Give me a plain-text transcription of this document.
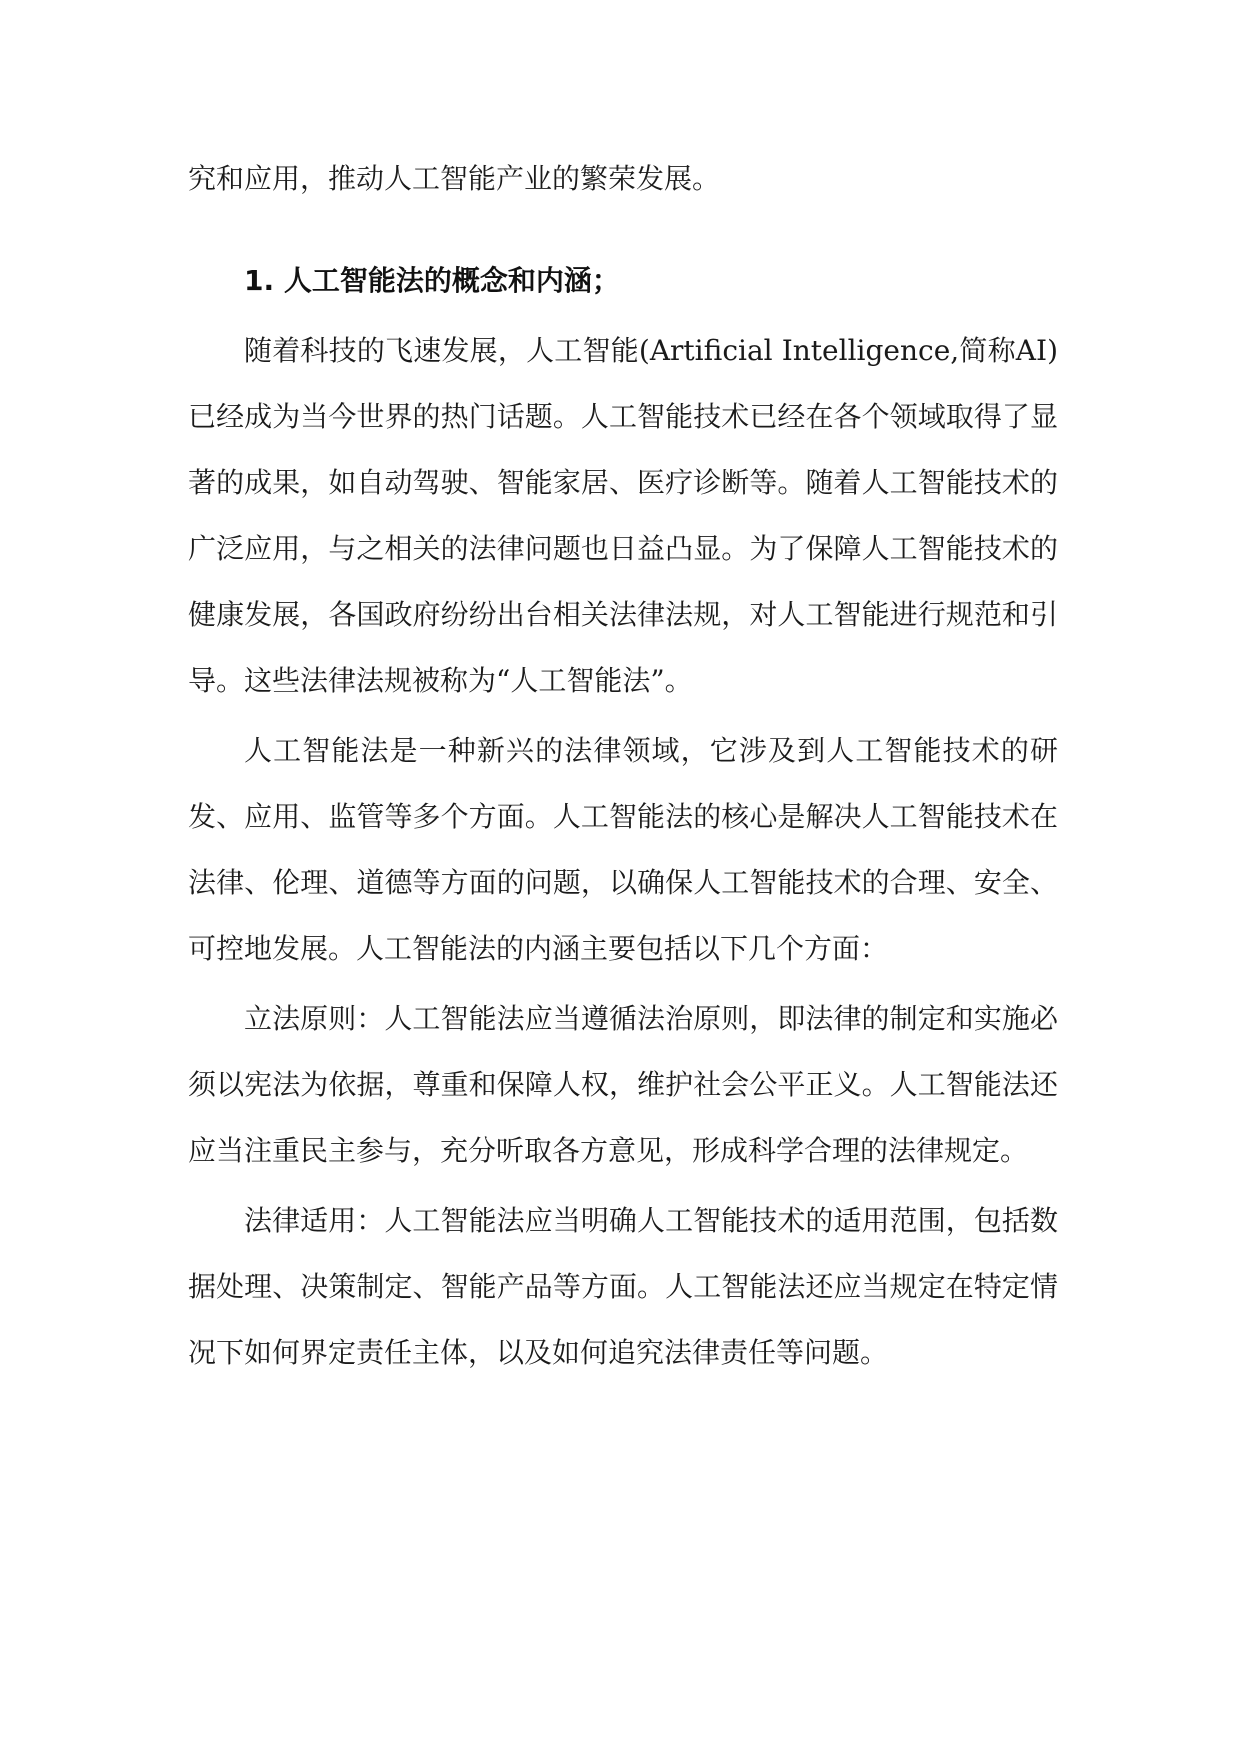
究和应用，推动人工智能产业的繁荣发展。

1. 人工智能法的概念和内涵；

随着科技的飞速发展，人工智能(Artificial Intelligence,简称AI)已经成为当今世界的热门话题。人工智能技术已经在各个领域取得了显著的成果，如自动驾驶、智能家居、医疗诊断等。随着人工智能技术的广泛应用，与之相关的法律问题也日益凸显。为了保障人工智能技术的健康发展，各国政府纷纷出台相关法律法规，对人工智能进行规范和引导。这些法律法规被称为“人工智能法”。

人工智能法是一种新兴的法律领域，它涉及到人工智能技术的研发、应用、监管等多个方面。人工智能法的核心是解决人工智能技术在法律、伦理、道德等方面的问题，以确保人工智能技术的合理、安全、可控地发展。人工智能法的内涵主要包括以下几个方面：

立法原则：人工智能法应当遵循法治原则，即法律的制定和实施必须以宪法为依据，尊重和保障人权，维护社会公平正义。人工智能法还应当注重民主参与，充分听取各方意见，形成科学合理的法律规定。

法律适用：人工智能法应当明确人工智能技术的适用范围，包括数据处理、决策制定、智能产品等方面。人工智能法还应当规定在特定情况下如何界定责任主体，以及如何追究法律责任等问题。
